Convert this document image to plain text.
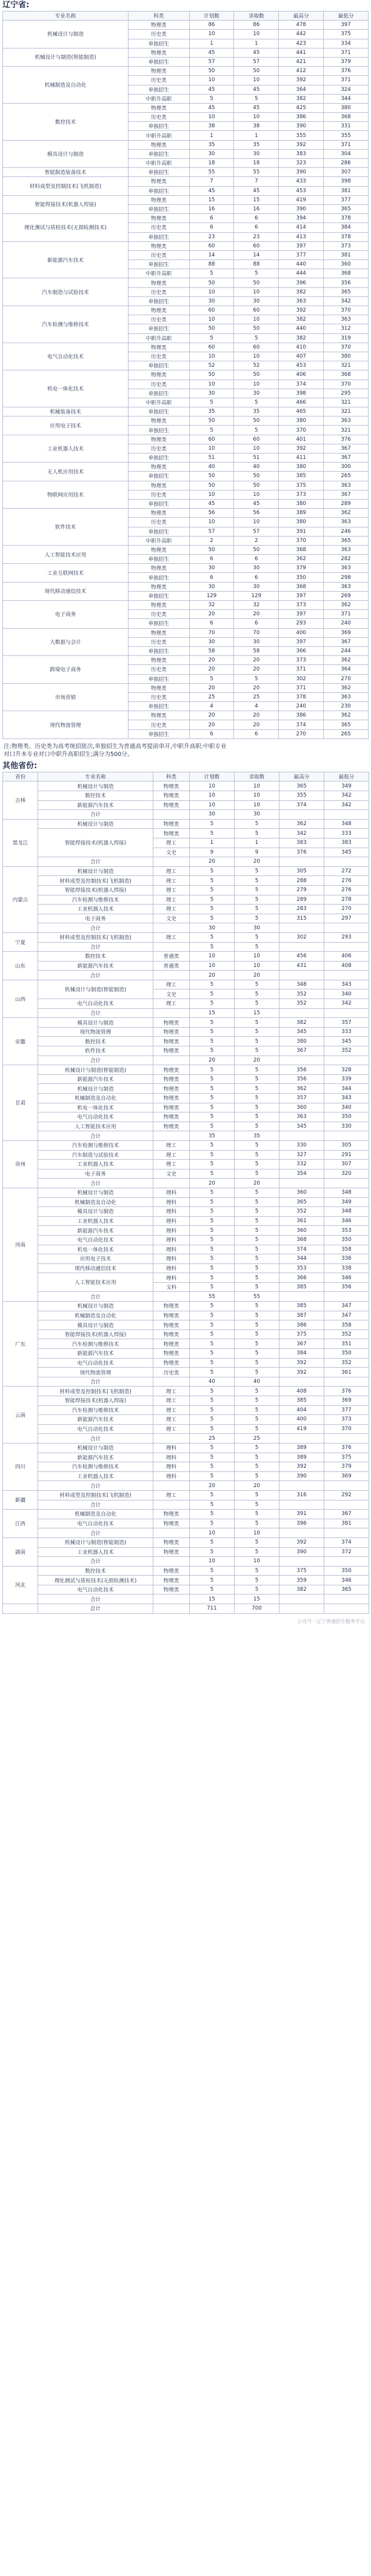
辽宁省:
专业名称	科类	计划数	录取数	最高分	最低分
机械设计与制造	物理类	86	86	478	397
	历史类	10	10	442	375
	单独招生	1	1	423	334
机械设计与制造(智能制造)	物理类	45	45	441	371
	单独招生	57	57	421	379
机械制造及自动化	物理类	50	50	412	376
	历史类	10	10	392	371
	单独招生	45	45	364	324
	中职升高职	5	5	382	344
数控技术	物理类	45	45	425	380
	历史类	10	10	386	368
	单独招生	38	38	390	331
	中职升高职	1	1	355	355
模具设计与制造	物理类	35	35	392	371
	单独招生	30	30	383	304
	中职升高职	18	18	323	286
智能制造装备技术	单独招生	55	55	390	307
材料成型及控制技术(飞机制造)	物理类	7	7	433	398
	单独招生	45	45	453	381
智能焊接技术(机器人焊接)	物理类	15	15	419	377
	单独招生	16	16	390	365
理化测试与质检技术(无损检测技术)	物理类	6	6	394	378
	历史类	6	6	414	384
	单独招生	23	23	413	378
新能源汽车技术	物理类	60	60	397	373
	历史类	14	14	377	381
	单独招生	88	88	440	360
	中职升高职	5	5	444	368
汽车制造与试验技术	物理类	50	50	396	356
	历史类	10	10	382	365
	单独招生	30	30	363	342
汽车检测与维修技术	物理类	60	60	392	370
	历史类	10	10	382	363
	单独招生	50	50	440	312
	中职升高职	5	5	382	319
电气自动化技术	物理类	60	60	410	370
	历史类	10	10	407	380
	单独招生	52	52	453	321
机电一体化技术	物理类	50	50	406	368
	历史类	10	10	374	370
	单独招生	30	30	398	295
	中职升高职	5	5	466	321
机械装备技术	单独招生	35	35	465	321
应用电子技术	物理类	50	50	380	363
	单独招生	5	5	370	321
工业机器人技术	物理类	60	60	401	376
	历史类	10	10	392	367
	单独招生	51	51	411	367
无人机应用技术	物理类	40	40	380	300
	单独招生	50	50	385	265
物联网应用技术	物理类	50	50	375	363
	历史类	10	10	373	367
	单独招生	45	45	380	289
软件技术	物理类	56	56	389	362
	历史类	10	10	380	363
	单独招生	57	57	391	246
	中职升高职	2	2	370	365
人工智能技术应用	物理类	50	50	368	363
	单独招生	6	6	362	282
工业互联网技术	物理类	30	30	379	363
	单独招生	6	6	350	298
现代移动通信技术	物理类	30	30	368	363
	单独招生	129	129	397	269
电子商务	物理类	32	32	373	362
	历史类	20	20	397	371
	单独招生	6	6	293	240
大数据与会计	物理类	70	70	400	369
	历史类	30	30	397	367
	单独招生	58	58	366	244
跨境电子商务	物理类	20	20	373	362
	历史类	20	20	371	364
	单独招生	5	5	302	270
市场营销	物理类	20	20	371	362
	历史类	25	25	378	363
	单独招生	4	4	240	230
现代物流管理	物理类	20	20	386	362
	历史类	20	20	374	365
	单独招生	6	6	270	265
注:物理类、历史类为高考统招批次,单独招生为普通高考提前单开,中职升高职:中职专业
对口升本专业对口中职升高职招生;满分为500分。
其他省份:
省份	专业名称	科类	计划数	录取数	最高分	最低分
吉林	机械设计与制造	物理类	10	10	365	349
	数控技术	物理类	10	10	355	342
	新能源汽车技术	物理类	10	10	374	342
	合计		30	30		
黑龙江	机械设计与制造	物理类	5	5	362	348
	智能焊接技术(机器人焊接)	物理类	5	5	342	333
		理工	1	1	383	383
		文史	9	9	376	345
	合计		20	20		
内蒙古	机械设计与制造	理工	5	5	305	272
	材料成型及控制技术(飞机制造)	理工	5	5	288	276
	智能焊接技术(机器人焊接)	理工	5	5	279	276
	汽车检测与维修技术	理工	5	5	289	278
	工业机器人技术	理工	5	5	283	270
	电子商务	文史	5	5	315	297
	合计		30	30		
宁夏	材料成型及控制技术(飞机制造)	理工	5	5	302	293
	合计		5	5		
山东	数控技术	普通类	10	10	456	406
	新能源汽车技术	普通类	10	10	431	408
	合计		20	20		
山西	机械设计与制造(智能制造)	理工	5	5	348	343
		文史	5	5	352	340
	电气自动化技术	理工	5	5	352	342
	合计		15	15		
安徽	模具设计与制造	物理类	5	5	382	357
	现代物流管理	物理类	5	5	345	333
	数控技术	物理类	5	5	380	345
	软件技术	物理类	5	5	367	352
	合计		20	20		
甘肃	机械设计与制造(智能制造)	物理类	5	5	356	328
	新能源汽车技术	物理类	5	5	356	339
	机械设计与制造	物理类	5	5	362	344
	机械制造及自动化	物理类	5	5	357	343
	机电一体化技术	物理类	5	5	360	340
	电气自动化技术	物理类	5	5	363	350
	人工智能技术应用	物理类	5	5	345	330
	合计		35	35		
贵州	汽车检测与维修技术	理工	5	5	330	305
	汽车制造与试验技术	理工	5	5	327	291
	工业机器人技术	理工	5	5	332	307
	电子商务	文史	5	5	354	320
	合计		20	20		
河南	机械设计与制造	理科	5	5	360	348
	机械制造及自动化	理科	5	5	365	349
	模具设计与制造	理科	5	5	352	348
	工业机器人技术	理科	5	5	361	346
	新能源汽车技术	理科	5	5	360	353
	电气自动化技术	理科	5	5	368	350
	机电一体化技术	理科	5	5	374	358
	应用电子技术	理科	5	5	344	336
	现代移动通信技术	理科	5	5	353	338
	人工智能技术应用	理科	5	5	366	346
		文科	5	5	385	356
	合计		55	55		
广东	机械设计与制造	物理类	5	5	385	347
	机械制造及自动化	物理类	5	5	387	347
	模具设计与制造	物理类	5	5	386	358
	智能焊接技术(机器人焊接)	物理类	5	5	375	352
	汽车检测与维修技术	物理类	5	5	367	351
	新能源汽车技术	物理类	5	5	384	350
	电气自动化技术	物理类	5	5	392	352
	现代物流管理	历史类	5	5	392	361
	合计		40	40		
云南	材料成型及控制技术(飞机制造)	理工	5	5	408	376
	智能焊接技术(机器人焊接)	理工	5	5	385	369
	汽车检测与维修技术	理工	5	5	404	377
	新能源汽车技术	理工	5	5	400	373
	电气自动化技术	理工	5	5	419	370
	合计		25	25		
四川	机械设计与制造	理科	5	5	389	376
	新能源汽车技术	理科	5	5	389	375
	汽车检测与维修技术	理科	5	5	392	379
	工业机器人技术	理科	5	5	390	369
	合计		20	20		
新疆	材料成型及控制技术(飞机制造)	理工	5	5	316	292
	合计		5	5		
江西	机械制造及自动化	物理类	5	5	391	367
	电气自动化技术	物理类	5	5	396	381
	合计		10	10		
湖南	机械设计与制造(智能制造)	物理类	5	5	392	374
	工业机器人技术	物理类	5	5	390	372
	合计		10	10		
河北	数控技术	物理类	5	5	375	350
	理化测试与质检技术(无损检测技术)	物理类	5	5	359	346
	电气自动化技术	物理类	5	5	382	365
	合计		15	15		
	总计		711	700		
公众号 · 辽宁普通招生服务平台
